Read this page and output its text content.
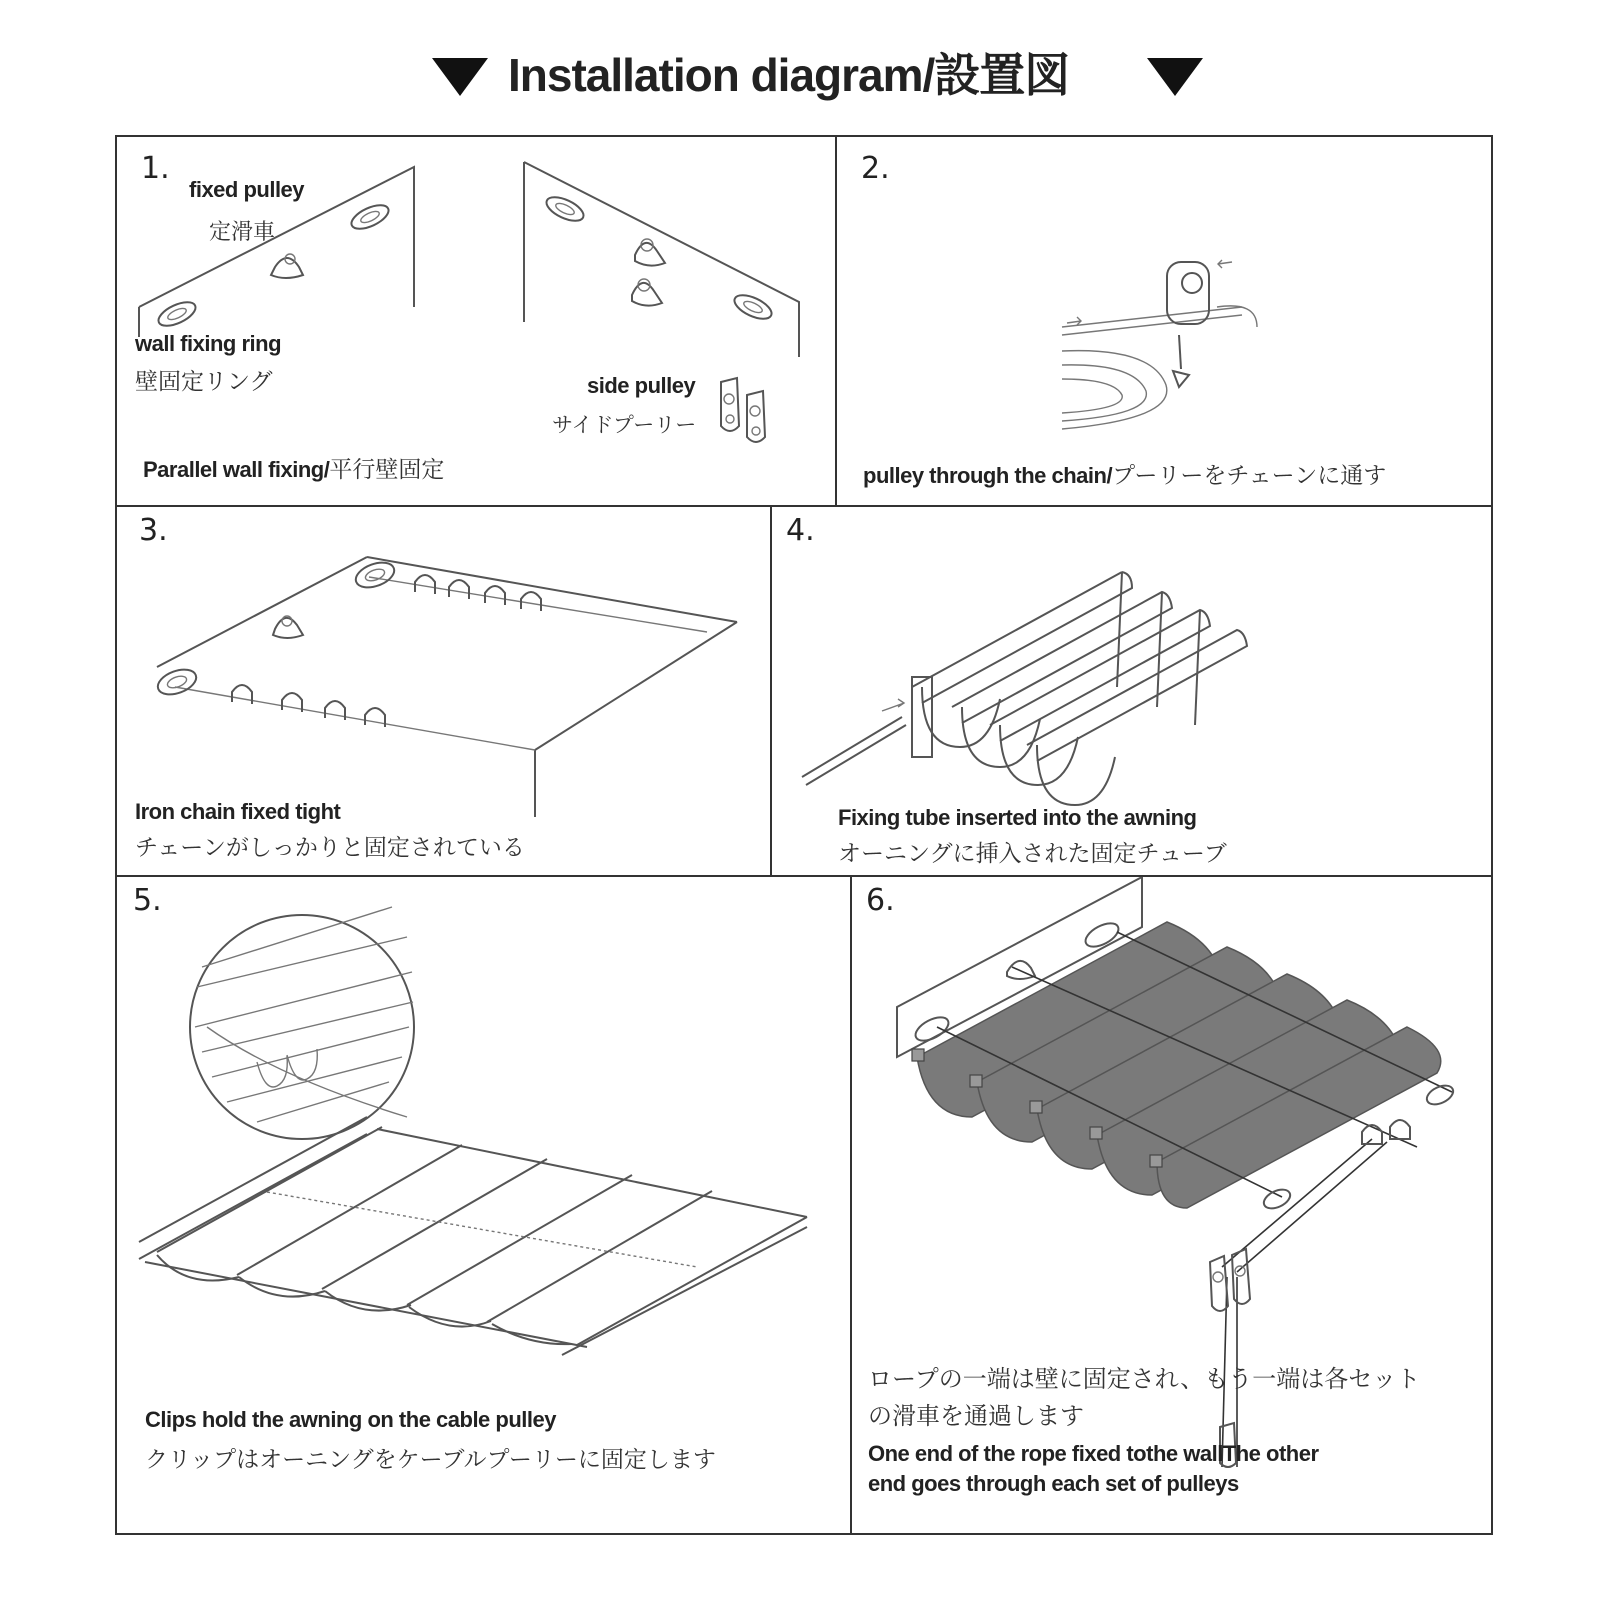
Installation diagram/設置図
1.
fixed pulley
定滑車
wall fixing ring
壁固定リング	side pulley
サイドプーリー
Parallel wall fixing/平行壁固定
2.
pulley through the chain/プーリーをチェーンに通す
3.
Iron chain fixed tight
チェーンがしっかりと固定されている
4.
Fixing tube inserted into the awning
オーニングに挿入された固定チューブ
5.
Clips hold the awning on the cable pulley
クリップはオーニングをケーブルプーリーに固定します
6.
ロープの一端は壁に固定され、もう一端は各セット
の滑車を通過します
One end of the rope fixed tothe wallThe other
end goes through each set of pulleys
